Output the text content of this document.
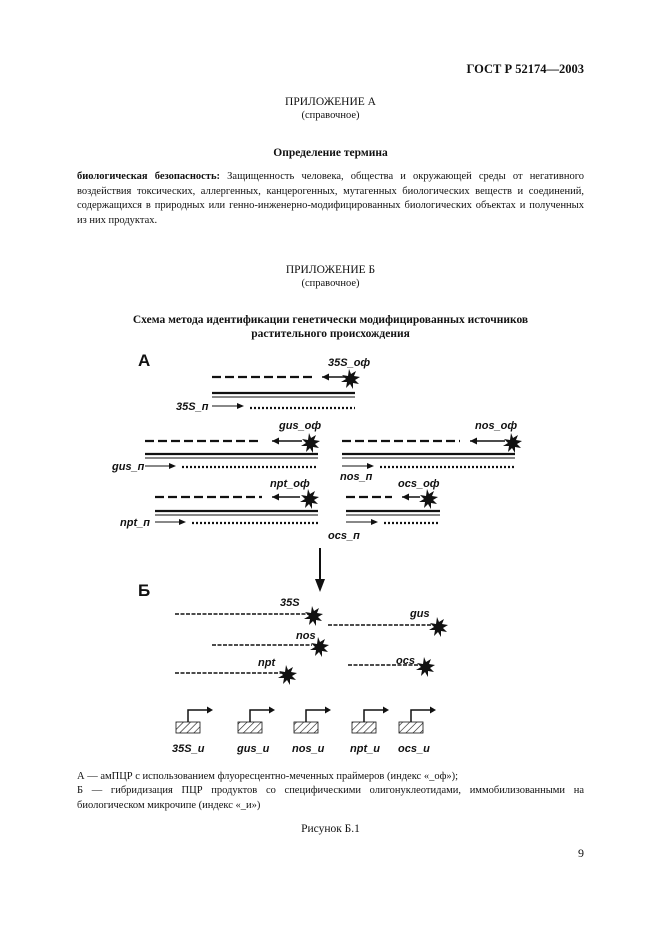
ГОСТ Р 52174—2003
ПРИЛОЖЕНИЕ А
(справочное)
Определение термина
биологическая безопасность: Защищенность человека, общества и окружающей среды от негативного воздействия токсических, аллергенных, канцерогенных, мутагенных биологических веществ и соединений, содержащихся в природных или генно-инженерно-модифицированных биологических объектах и полученных из них продуктах.
ПРИЛОЖЕНИЕ Б
(справочное)
Схема метода идентификации генетически модифицированных источников
растительного происхождения
А	35S_оф
35S_п
gus_оф
gus_п
nos_оф
nos_п
npt_оф
npt_п
ocs_оф
ocs_п
Б
35S
gus
nos
npt	ocs
35S_и	gus_и nos_и npt_и ocs_и
А — амПЦР с использованием флуоресцентно-меченных праймеров (индекс «_оф»);
Б — гибридизация ПЦР продуктов со специфическими олигонуклеотидами, иммобилизованными на биологическом микрочипе (индекс «_и»)
Рисунок Б.1
9
